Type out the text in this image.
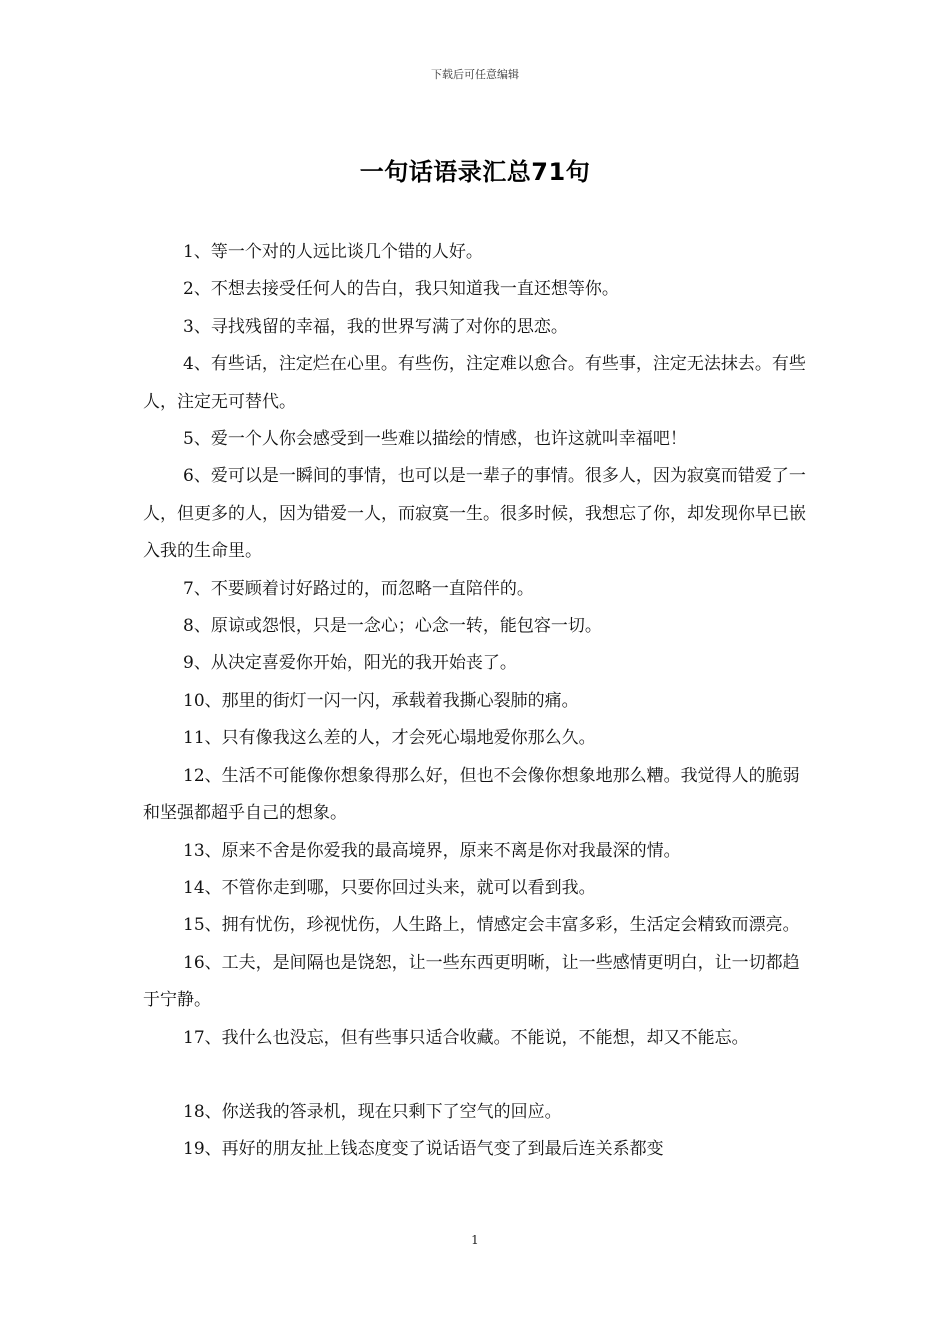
下载后可任意编辑
一句话语录汇总71句

1、等一个对的人远比谈几个错的人好。

2、不想去接受任何人的告白，我只知道我一直还想等你。

3、寻找残留的幸福，我的世界写满了对你的思恋。

4、有些话，注定烂在心里。有些伤，注定难以愈合。有些事，注定无法抹去。有些人，注定无可替代。

5、爱一个人你会感受到一些难以描绘的情感，也许这就叫幸福吧！

6、爱可以是一瞬间的事情，也可以是一辈子的事情。很多人，因为寂寞而错爱了一人，但更多的人，因为错爱一人，而寂寞一生。很多时候，我想忘了你，却发现你早已嵌入我的生命里。

7、不要顾着讨好路过的，而忽略一直陪伴的。

8、原谅或怨恨，只是一念心；心念一转，能包容一切。

9、从决定喜爱你开始，阳光的我开始丧了。

10、那里的街灯一闪一闪，承载着我撕心裂肺的痛。

11、只有像我这么差的人，才会死心塌地爱你那么久。

12、生活不可能像你想象得那么好，但也不会像你想象地那么糟。我觉得人的脆弱和坚强都超乎自己的想象。

13、原来不舍是你爱我的最高境界，原来不离是你对我最深的情。

14、不管你走到哪，只要你回过头来，就可以看到我。

15、拥有忧伤，珍视忧伤，人生路上，情感定会丰富多彩，生活定会精致而漂亮。

16、工夫，是间隔也是饶恕，让一些东西更明晰，让一些感情更明白，让一切都趋于宁静。

17、我什么也没忘，但有些事只适合收藏。不能说，不能想，却又不能忘。

18、你送我的答录机，现在只剩下了空气的回应。

19、再好的朋友扯上钱态度变了说话语气变了到最后连关系都变

1
